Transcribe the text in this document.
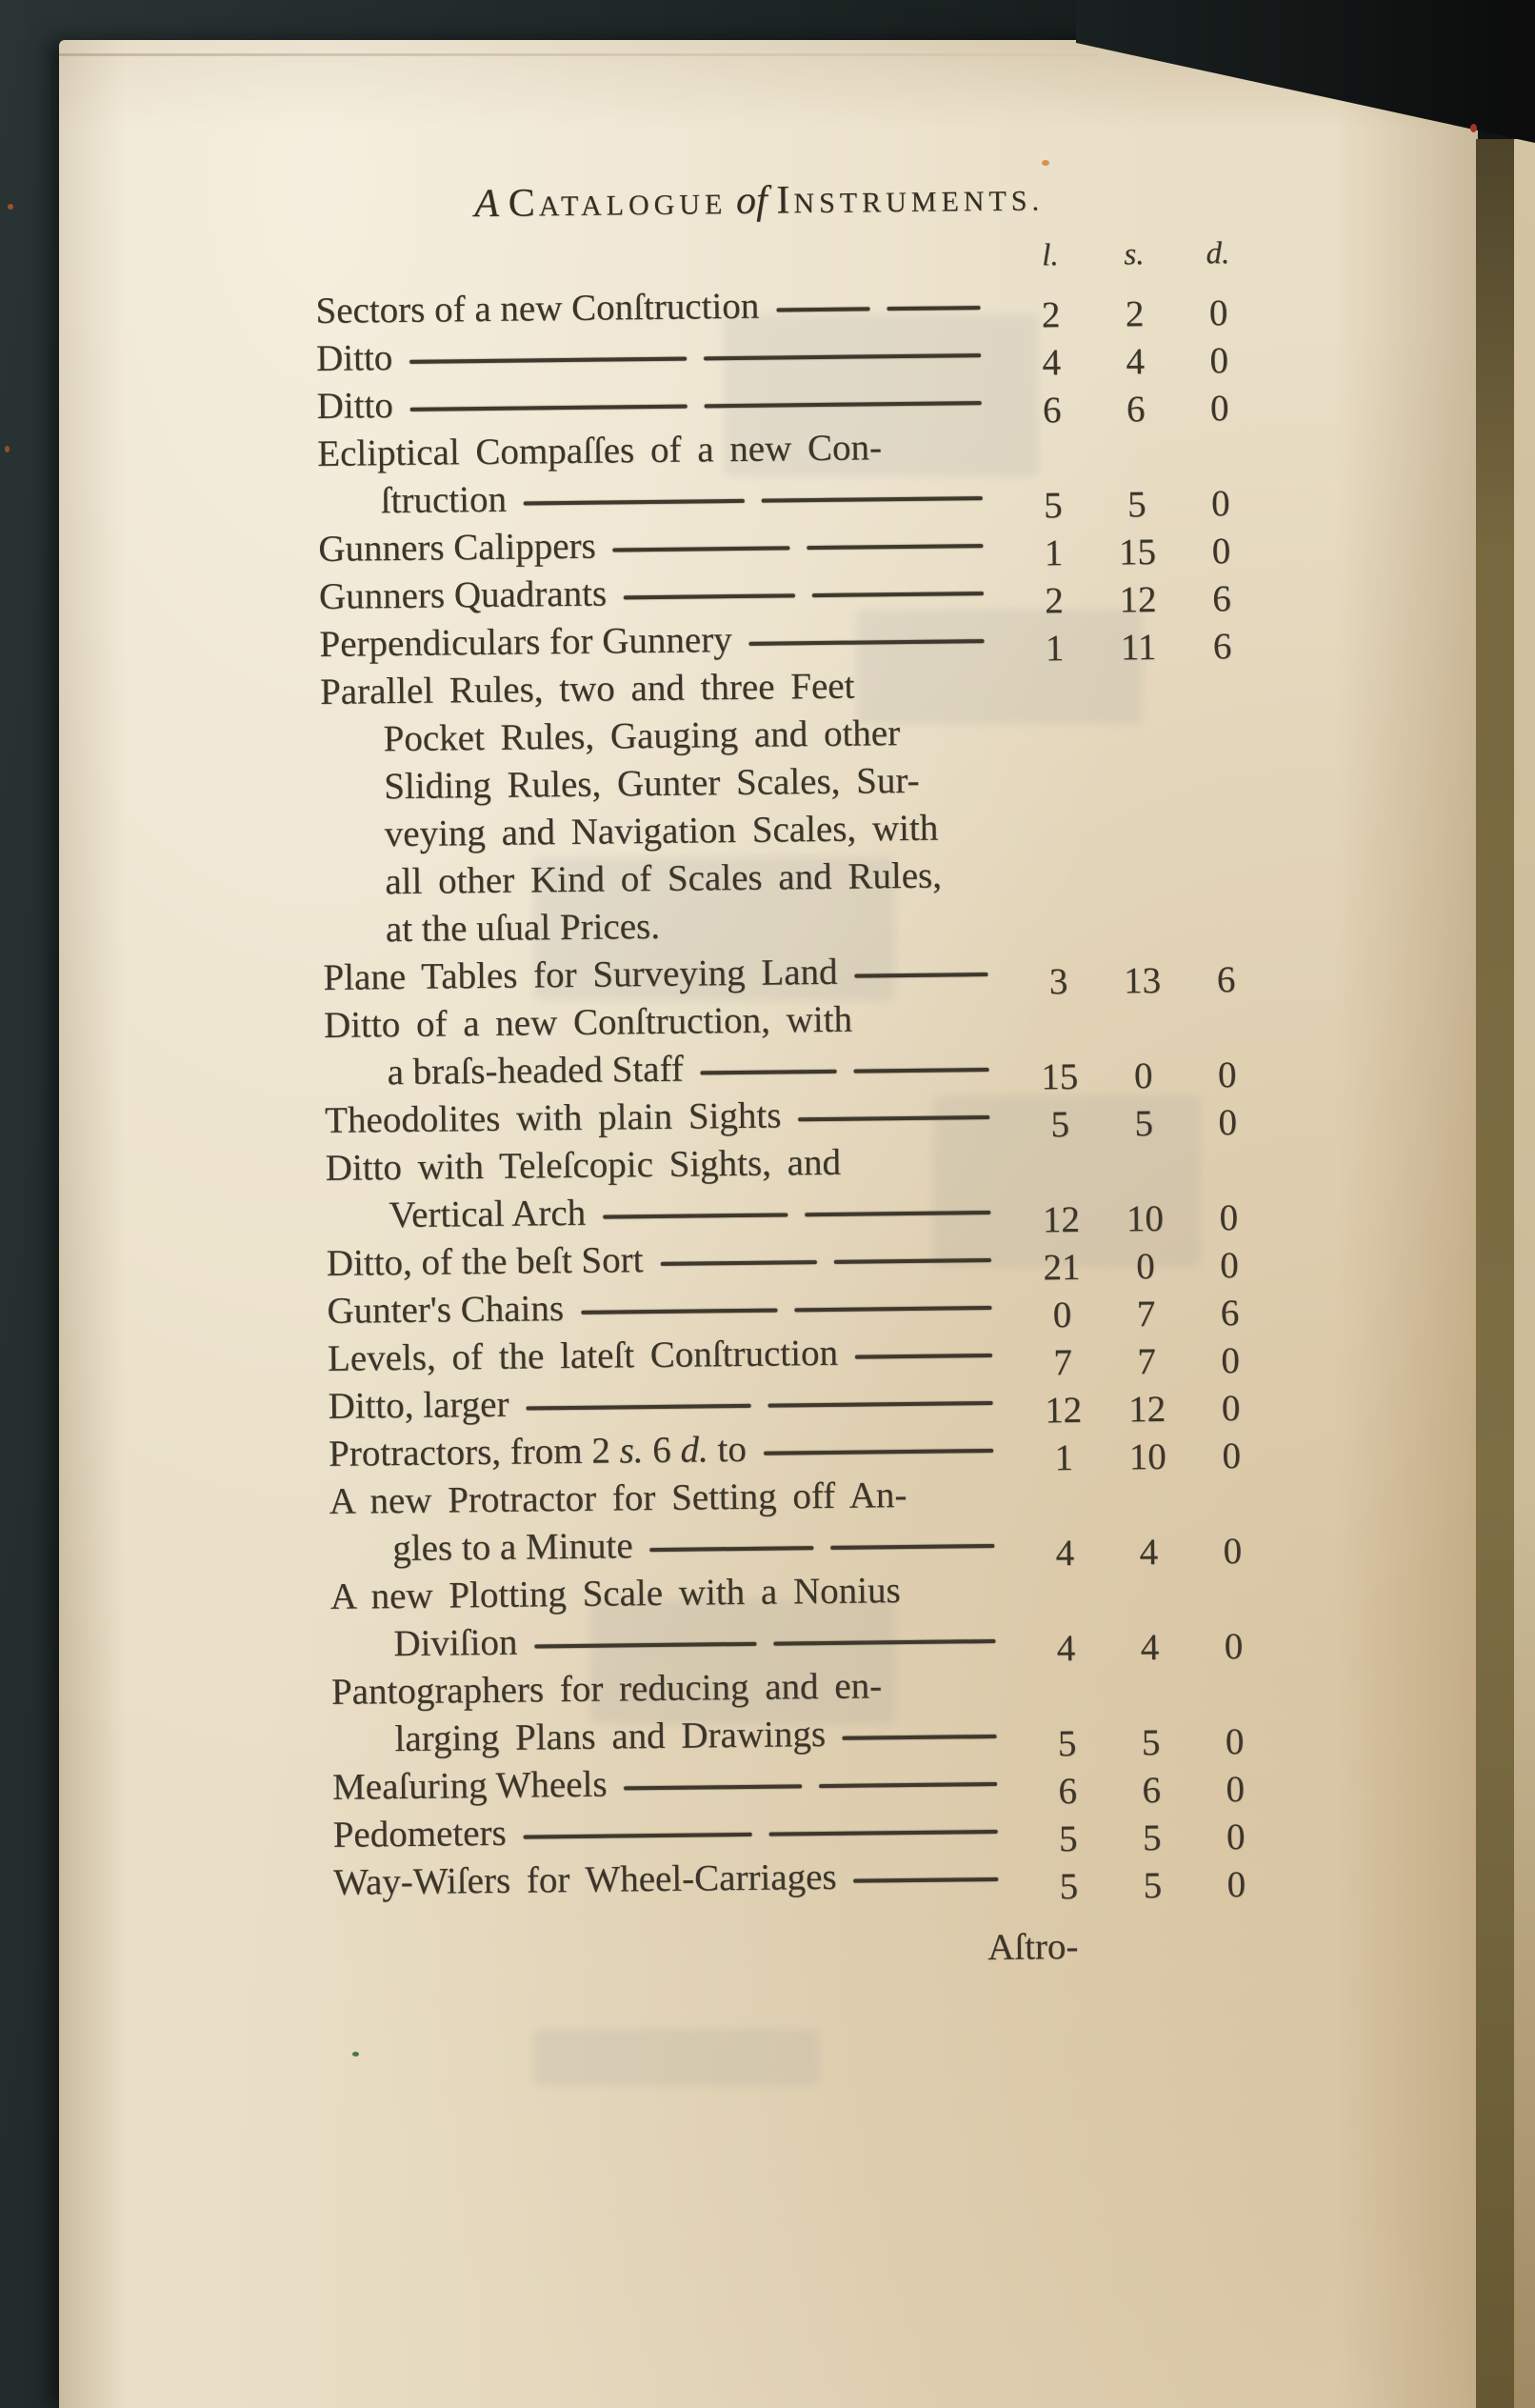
A CATALOGUE of INSTRUMENTS.
l.	s.	d.
Sectors of a new Conſtruction	2	2	0
Ditto	4	4	0
Ditto	6	6	0
Ecliptical Compaſſes of a new Con-
ſtruction	5	5	0
Gunners Calippers	1	15	0
Gunners Quadrants	2	12	6
Perpendiculars for Gunnery	1	11	6
Parallel Rules, two and three Feet
Pocket Rules, Gauging and other
Sliding Rules, Gunter Scales, Sur-
veying and Navigation Scales, with
all other Kind of Scales and Rules,
at the uſual Prices.
Plane Tables for Surveying Land	3	13	6
Ditto of a new Conſtruction, with
a braſs-headed Staff	15	0	0
Theodolites with plain Sights	5	5	0
Ditto with Teleſcopic Sights, and
Vertical Arch	12	10	0
Ditto, of the beſt Sort	21	0	0
Gunter's Chains	0	7	6
Levels, of the lateſt Conſtruction	7	7	0
Ditto, larger	12	12	0
Protractors, from 2 s. 6 d. to	1	10	0
A new Protractor for Setting off An-
gles to a Minute	4	4	0
A new Plotting Scale with a Nonius
Diviſion	4	4	0
Pantographers for reducing and en-
larging Plans and Drawings	5	5	0
Meaſuring Wheels	6	6	0
Pedometers	5	5	0
Way-Wiſers for Wheel-Carriages	5	5	0
Aſtro-
